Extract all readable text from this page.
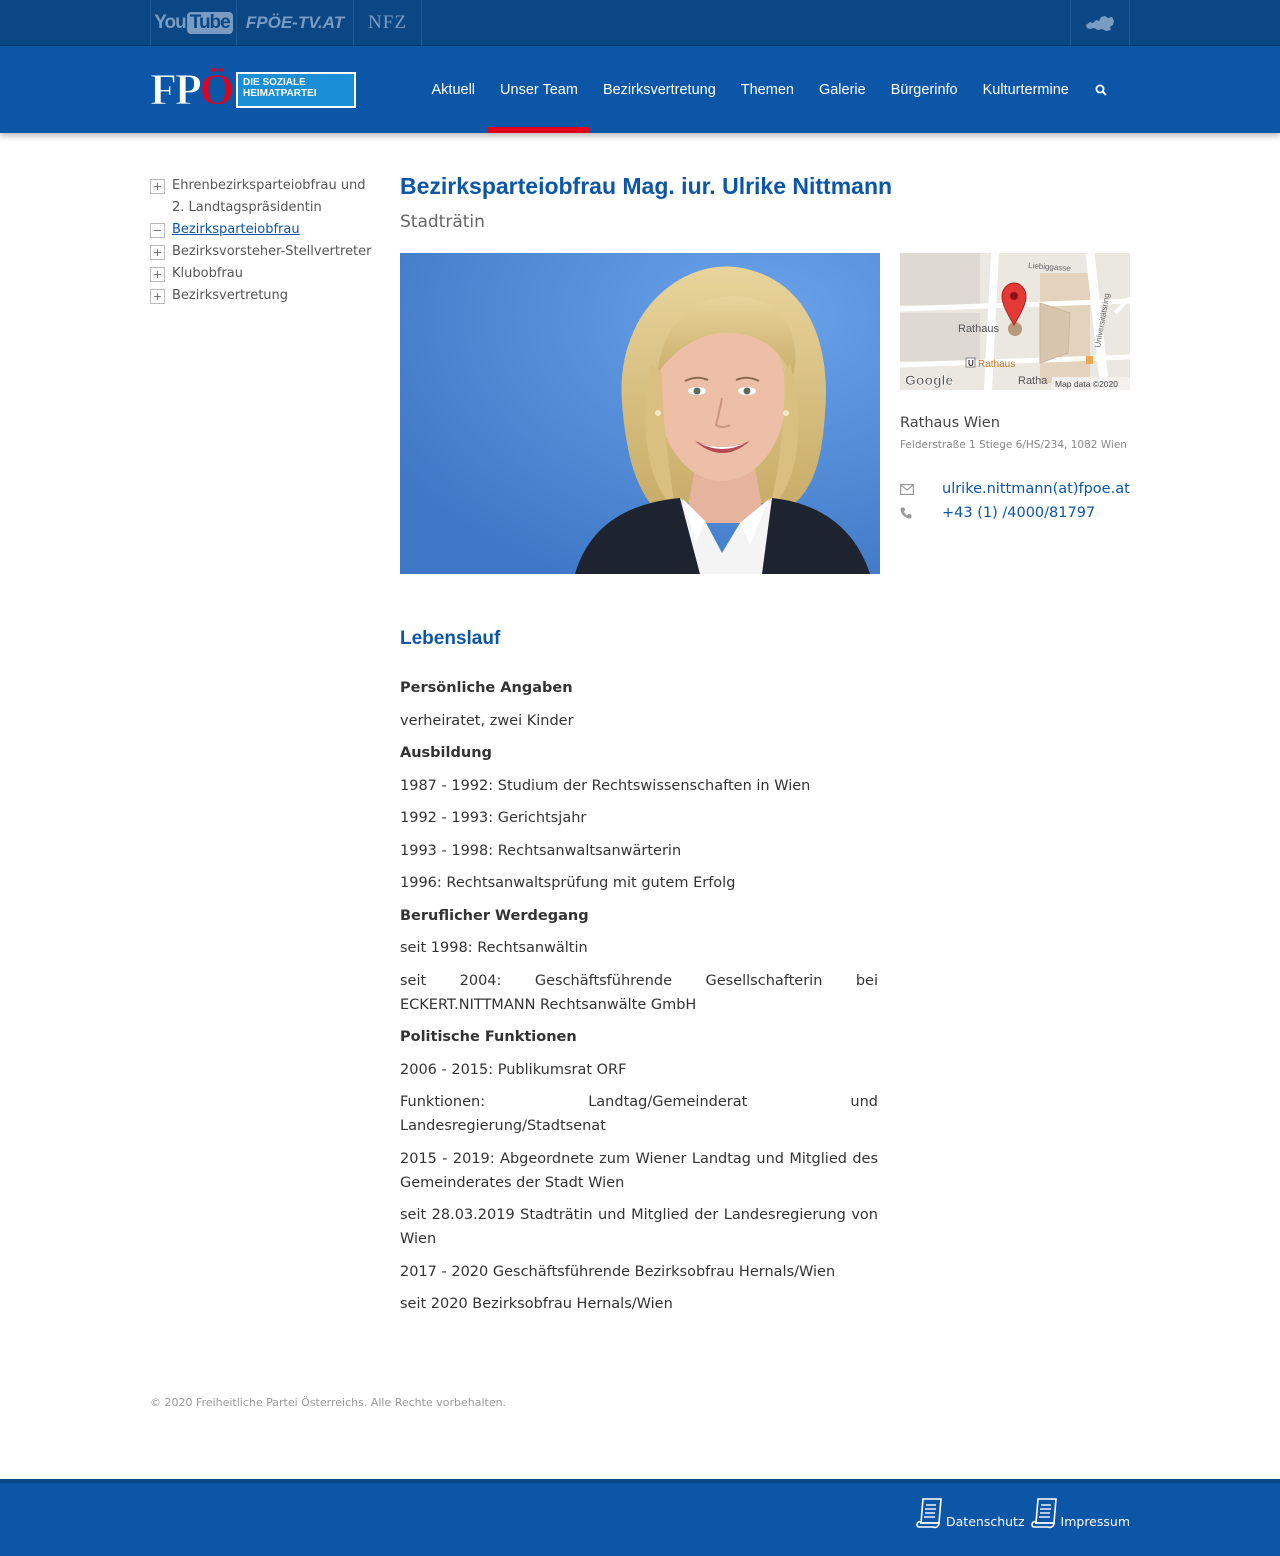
You Tube FPÖE-TV.AT	NFZ
FPÖ DIE SOZIALE
HEIMATPARTEI	Aktuell	Unser Team	Bezirksvertretung	Themen	Galerie	Bürgerinfo	Kulturtermine
+ Ehrenbezirksparteiobfrau und 2. Landtagspräsidentin
− Bezirksparteiobfrau
+ Bezirksvorsteher-Stellvertreter
+ Klubobfrau
+ Bezirksvertretung
Bezirksparteiobfrau Mag. iur. Ulrike Nittmann
Stadträtin
Liebiggasse
Universitätsring
Rathaus
U Rathaus
Ratha
Google	Map data ©2020
Rathaus Wien
Felderstraße 1 Stiege 6/HS/234, 1082 Wien
ulrike.nittmann(at)fpoe.at
+43 (1) /4000/81797
Lebenslauf

Persönliche Angaben

verheiratet, zwei Kinder

Ausbildung

1987 - 1992: Studium der Rechtswissenschaften in Wien

1992 - 1993: Gerichtsjahr

1993 - 1998: Rechtsanwaltsanwärterin

1996: Rechtsanwaltsprüfung mit gutem Erfolg

Beruflicher Werdegang

seit 1998: Rechtsanwältin

seit 2004: Geschäftsführende Gesellschafterin bei ECKERT.NITTMANN Rechtsanwälte GmbH

Politische Funktionen

2006 - 2015: Publikumsrat ORF

Funktionen: Landtag/Gemeinderat und Landesregierung/Stadtsenat

2015 - 2019: Abgeordnete zum Wiener Landtag und Mitglied des Gemeinderates der Stadt Wien

seit 28.03.2019 Stadträtin und Mitglied der Landesregierung von Wien

2017 - 2020 Geschäftsführende Bezirksobfrau Hernals/Wien

seit 2020 Bezirksobfrau Hernals/Wien

© 2020 Freiheitliche Partei Österreichs. Alle Rechte vorbehalten.
Datenschutz	Impressum
